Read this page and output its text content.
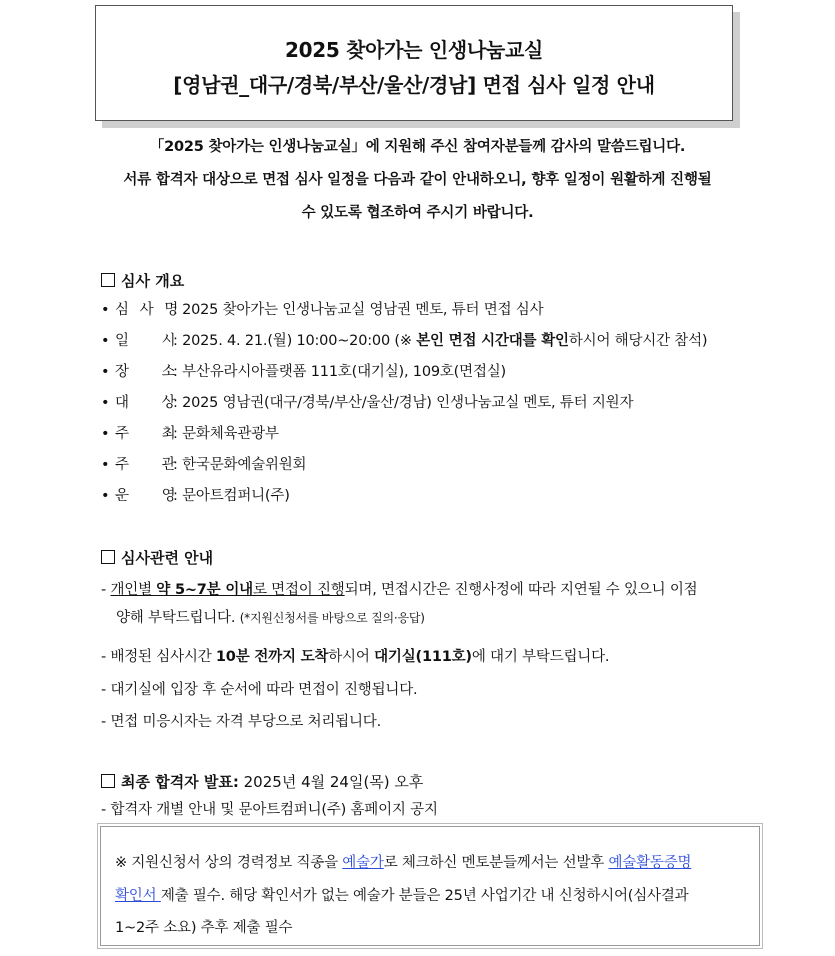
2025 찾아가는 인생나눔교실
[영남권_대구/경북/부산/울산/경남] 면접 심사 일정 안내
「2025 찾아가는 인생나눔교실」에 지원해 주신 참여자분들께 감사의 말씀드립니다.
서류 합격자 대상으로 면접 심사 일정을 다음과 같이 안내하오니, 향후 일정이 원활하게 진행될
수 있도록 협조하여 주시기 바랍니다.
심사 개요
• 심 사 명: 2025 찾아가는 인생나눔교실 영남권 멘토, 튜터 면접 심사
• 일 시: 2025. 4. 21.(월) 10:00~20:00 (※ 본인 면접 시간대를 확인하시어 해당시간 참석)
• 장 소: 부산유라시아플랫폼 111호(대기실), 109호(면접실)
• 대 상: 2025 영남권(대구/경북/부산/울산/경남) 인생나눔교실 멘토, 튜터 지원자
• 주 최: 문화체육관광부
• 주 관: 한국문화예술위원회
• 운 영: 문아트컴퍼니(주)
심사관련 안내
- 개인별 약 5~7분 이내로 면접이 진행되며, 면접시간은 진행사정에 따라 지연될 수 있으니 이점
양해 부탁드립니다. (*지원신청서를 바탕으로 질의·응답)
- 배정된 심사시간 10분 전까지 도착하시어 대기실(111호)에 대기 부탁드립니다.
- 대기실에 입장 후 순서에 따라 면접이 진행됩니다.
- 면접 미응시자는 자격 부당으로 처리됩니다.
최종 합격자 발표: 2025년 4월 24일(목) 오후
- 합격자 개별 안내 및 문아트컴퍼니(주) 홈페이지 공지
※ 지원신청서 상의 경력정보 직종을 예술가로 체크하신 멘토분들께서는 선발후 예술활동증명
확인서 제출 필수. 해당 확인서가 없는 예술가 분들은 25년 사업기간 내 신청하시어(심사결과
1~2주 소요) 추후 제출 필수
